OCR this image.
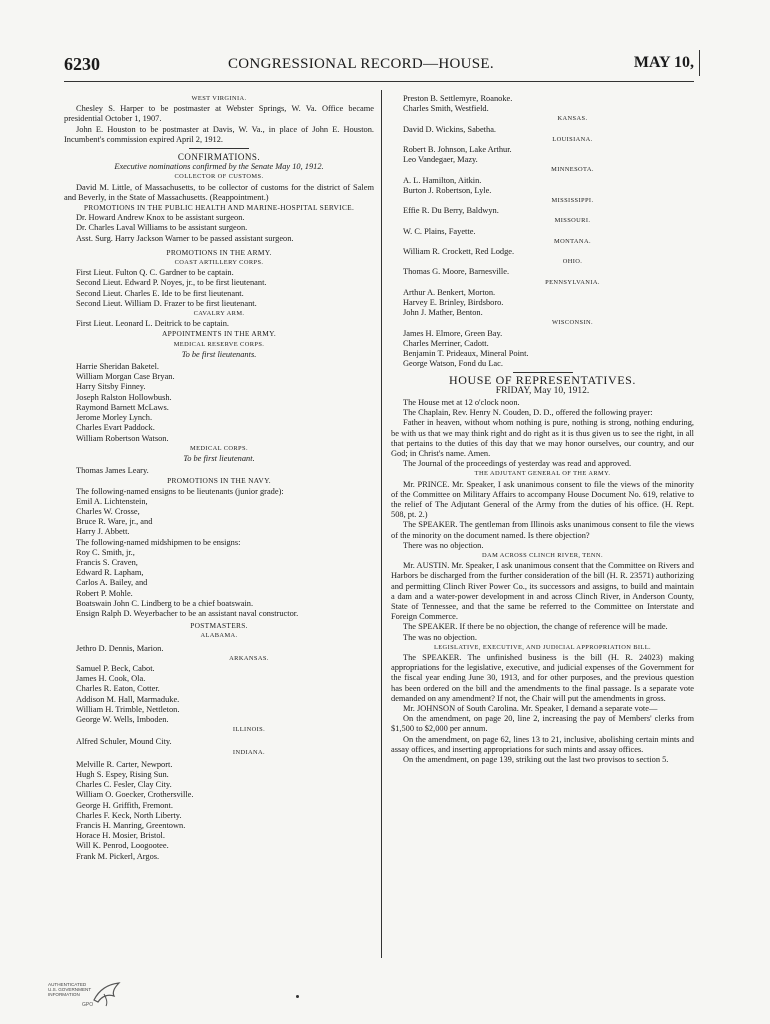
6230	CONGRESSIONAL RECORD—HOUSE.	MAY 10,

WEST VIRGINIA.

Chesley S. Harper to be postmaster at Webster Springs, W. Va. Office became presidential October 1, 1907.

John E. Houston to be postmaster at Davis, W. Va., in place of John E. Houston. Incumbent's commission expired April 2, 1912.

CONFIRMATIONS.

Executive nominations confirmed by the Senate May 10, 1912.

COLLECTOR OF CUSTOMS.

David M. Little, of Massachusetts, to be collector of customs for the district of Salem and Beverly, in the State of Massachusetts. (Reappointment.)

PROMOTIONS IN THE PUBLIC HEALTH AND MARINE-HOSPITAL SERVICE.

Dr. Howard Andrew Knox to be assistant surgeon.

Dr. Charles Laval Williams to be assistant surgeon.

Asst. Surg. Harry Jackson Warner to be passed assistant surgeon.

PROMOTIONS IN THE ARMY.

COAST ARTILLERY CORPS.

First Lieut. Fulton Q. C. Gardner to be captain.

Second Lieut. Edward P. Noyes, jr., to be first lieutenant.

Second Lieut. Charles E. Ide to be first lieutenant.

Second Lieut. William D. Frazer to be first lieutenant.

CAVALRY ARM.

First Lieut. Leonard L. Deitrick to be captain.

APPOINTMENTS IN THE ARMY.

MEDICAL RESERVE CORPS.

To be first lieutenants.

Harrie Sheridan Baketel.

William Morgan Case Bryan.

Harry Sitsby Finney.

Joseph Ralston Hollowbush.

Raymond Barnett McLaws.

Jerome Morley Lynch.

Charles Evart Paddock.

William Robertson Watson.

MEDICAL CORPS.

To be first lieutenant.

Thomas James Leary.

PROMOTIONS IN THE NAVY.

The following-named ensigns to be lieutenants (junior grade):

Emil A. Lichtenstein,

Charles W. Crosse,

Bruce R. Ware, jr., and

Harry J. Abbett.

The following-named midshipmen to be ensigns:

Roy C. Smith, jr.,

Francis S. Craven,

Edward R. Lapham,

Carlos A. Bailey, and

Robert P. Mohle.

Boatswain John C. Lindberg to be a chief boatswain.

Ensign Ralph D. Weyerbacher to be an assistant naval constructor.

POSTMASTERS.

ALABAMA.

Jethro D. Dennis, Marion.

ARKANSAS.

Samuel P. Beck, Cabot.

James H. Cook, Ola.

Charles R. Eaton, Cotter.

Addison M. Hall, Marmaduke.

William H. Trimble, Nettleton.

George W. Wells, Imboden.

ILLINOIS.

Alfred Schuler, Mound City.

INDIANA.

Melville R. Carter, Newport.

Hugh S. Espey, Rising Sun.

Charles C. Fesler, Clay City.

William O. Goecker, Crothersville.

George H. Griffith, Fremont.

Charles F. Keck, North Liberty.

Francis H. Manring, Greentown.

Horace H. Mosier, Bristol.

Will K. Penrod, Loogootee.

Frank M. Pickerl, Argos.

Preston B. Settlemyre, Roanoke.

Charles Smith, Westfield.

KANSAS.

David D. Wickins, Sabetha.

LOUISIANA.

Robert B. Johnson, Lake Arthur.

Leo Vandegaer, Mazy.

MINNESOTA.

A. L. Hamilton, Aitkin.

Burton J. Robertson, Lyle.

MISSISSIPPI.

Effie R. Du Berry, Baldwyn.

MISSOURI.

W. C. Plains, Fayette.

MONTANA.

William R. Crockett, Red Lodge.

OHIO.

Thomas G. Moore, Barnesville.

PENNSYLVANIA.

Arthur A. Benkert, Morton.

Harvey E. Brinley, Birdsboro.

John J. Mather, Benton.

WISCONSIN.

James H. Elmore, Green Bay.

Charles Merriner, Cadott.

Benjamin T. Prideaux, Mineral Point.

George Watson, Fond du Lac.

HOUSE OF REPRESENTATIVES.

FRIDAY, May 10, 1912.

The House met at 12 o'clock noon.

The Chaplain, Rev. Henry N. Couden, D. D., offered the following prayer:

Father in heaven, without whom nothing is pure, nothing is strong, nothing enduring, be with us that we may think right and do right as it is thus given us to see the right, in all that pertains to the duties of this day that we may honor ourselves, our country, and our God; in Christ's name. Amen.

The Journal of the proceedings of yesterday was read and approved.

THE ADJUTANT GENERAL OF THE ARMY.

Mr. PRINCE. Mr. Speaker, I ask unanimous consent to file the views of the minority of the Committee on Military Affairs to accompany House Document No. 619, relative to the relief of The Adjutant General of the Army from the duties of his office. (H. Rept. 508, pt. 2.)

The SPEAKER. The gentleman from Illinois asks unanimous consent to file the views of the minority on the document named. Is there objection?

There was no objection.

DAM ACROSS CLINCH RIVER, TENN.

Mr. AUSTIN. Mr. Speaker, I ask unanimous consent that the Committee on Rivers and Harbors be discharged from the further consideration of the bill (H. R. 23571) authorizing and permitting Clinch River Power Co., its successors and assigns, to build and maintain a dam and a water-power development in and across Clinch River, in Anderson County, State of Tennessee, and that the same be referred to the Committee on Interstate and Foreign Commerce.

The SPEAKER. If there be no objection, the change of reference will be made.

The was no objection.

LEGISLATIVE, EXECUTIVE, AND JUDICIAL APPROPRIATION BILL.

The SPEAKER. The unfinished business is the bill (H. R. 24023) making appropriations for the legislative, executive, and judicial expenses of the Government for the fiscal year ending June 30, 1913, and for other purposes, and the previous question has been ordered on the bill and the amendments to the final passage. Is a separate vote demanded on any amendment? If not, the Chair will put the amendments in gross.

Mr. JOHNSON of South Carolina. Mr. Speaker, I demand a separate vote—

On the amendment, on page 20, line 2, increasing the pay of Members' clerks from $1,500 to $2,000 per annum.

On the amendment, on page 62, lines 13 to 21, inclusive, abolishing certain mints and assay offices, and inserting appropriations for such mints and assay offices.

On the amendment, on page 139, striking out the last two provisos to section 5.

AUTHENTICATED U.S. GOVERNMENT INFORMATION
GPO
